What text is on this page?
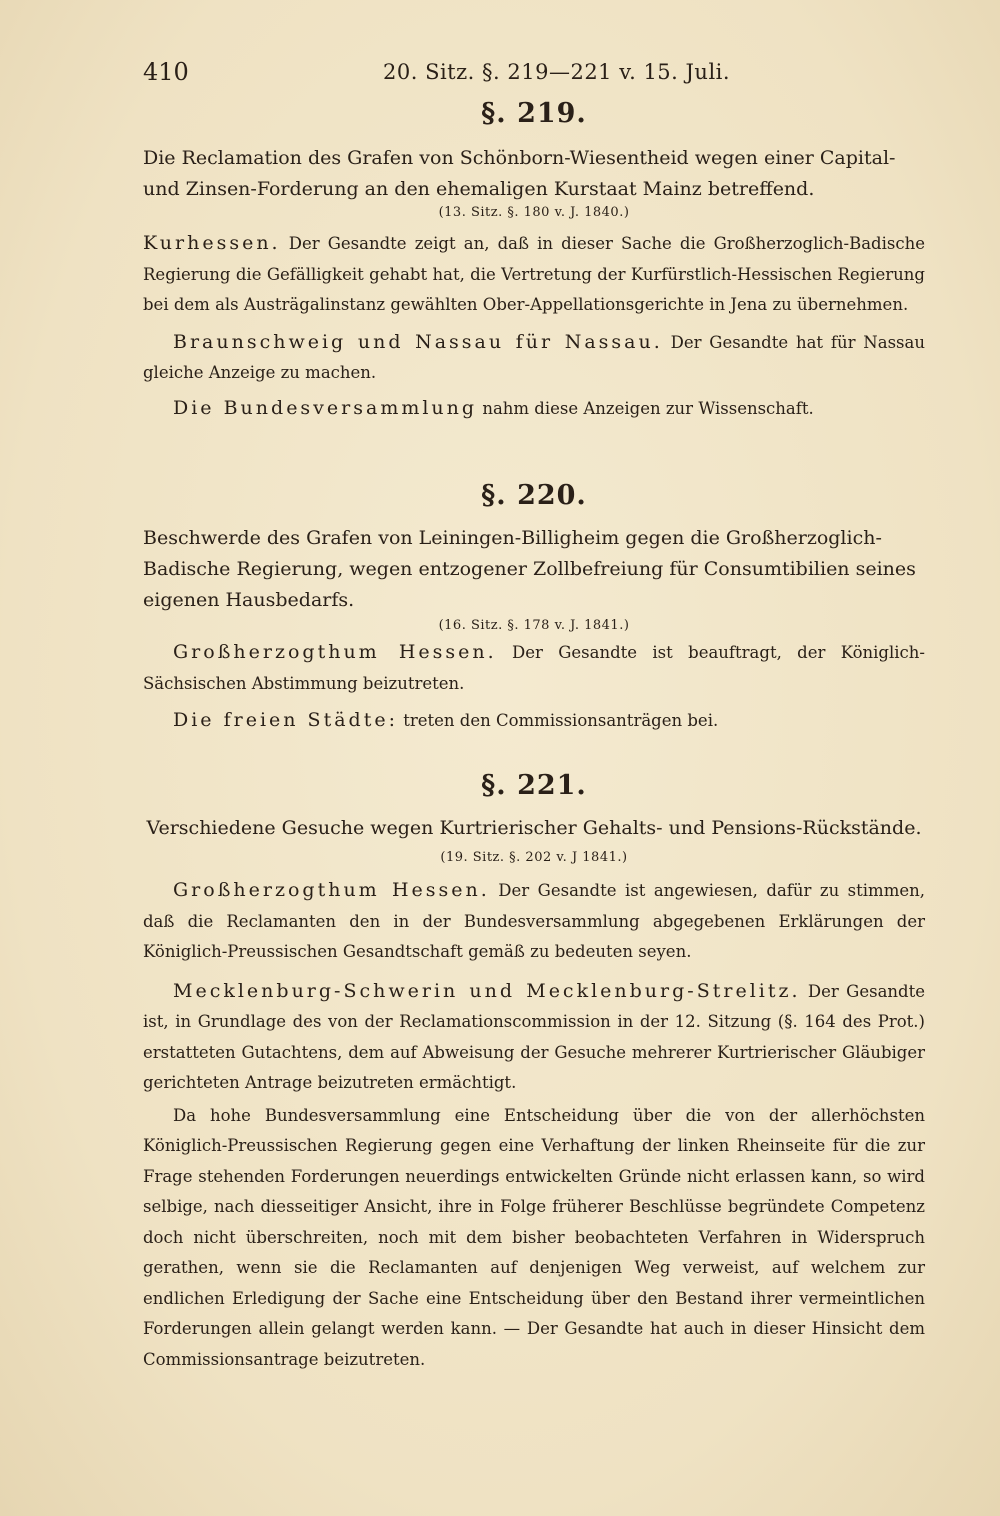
410	20. Sitz. §. 219—221 v. 15. Juli.
§. 219.

Die Reclamation des Grafen von Schönborn-Wiesentheid wegen einer Capital- und Zinsen-Forderung an den ehemaligen Kurstaat Mainz betreffend.

(13. Sitz. §. 180 v. J. 1840.)

Kurhessen. Der Gesandte zeigt an, daß in dieser Sache die Großherzoglich-Badische Regierung die Gefälligkeit gehabt hat, die Vertretung der Kurfürstlich-Hessischen Regierung bei dem als Austrägalinstanz gewählten Ober-Appellationsgerichte in Jena zu übernehmen.

Braunschweig und Nassau für Nassau. Der Gesandte hat für Nassau gleiche Anzeige zu machen.

Die Bundesversammlung nahm diese Anzeigen zur Wissenschaft.

§. 220.

Beschwerde des Grafen von Leiningen-Billigheim gegen die Großherzoglich-Badische Regierung, wegen entzogener Zollbefreiung für Consumtibilien seines eigenen Hausbedarfs.

(16. Sitz. §. 178 v. J. 1841.)

Großherzogthum Hessen. Der Gesandte ist beauftragt, der Königlich-Sächsischen Abstimmung beizutreten.

Die freien Städte: treten den Commissionsanträgen bei.

§. 221.

Verschiedene Gesuche wegen Kurtrierischer Gehalts- und Pensions-Rückstände.

(19. Sitz. §. 202 v. J 1841.)

Großherzogthum Hessen. Der Gesandte ist angewiesen, dafür zu stimmen, daß die Reclamanten den in der Bundesversammlung abgegebenen Erklärungen der Königlich-Preussischen Gesandtschaft gemäß zu bedeuten seyen.

Mecklenburg-Schwerin und Mecklenburg-Strelitz. Der Gesandte ist, in Grundlage des von der Reclamationscommission in der 12. Sitzung (§. 164 des Prot.) erstatteten Gutachtens, dem auf Abweisung der Gesuche mehrerer Kurtrierischer Gläubiger gerichteten Antrage beizutreten ermächtigt.

Da hohe Bundesversammlung eine Entscheidung über die von der allerhöchsten Königlich-Preussischen Regierung gegen eine Verhaftung der linken Rheinseite für die zur Frage stehenden Forderungen neuerdings entwickelten Gründe nicht erlassen kann, so wird selbige, nach diesseitiger Ansicht, ihre in Folge früherer Beschlüsse begründete Competenz doch nicht überschreiten, noch mit dem bisher beobachteten Verfahren in Widerspruch gerathen, wenn sie die Reclamanten auf denjenigen Weg verweist, auf welchem zur endlichen Erledigung der Sache eine Entscheidung über den Bestand ihrer vermeintlichen Forderungen allein gelangt werden kann. — Der Gesandte hat auch in dieser Hinsicht dem Commissionsantrage beizutreten.
